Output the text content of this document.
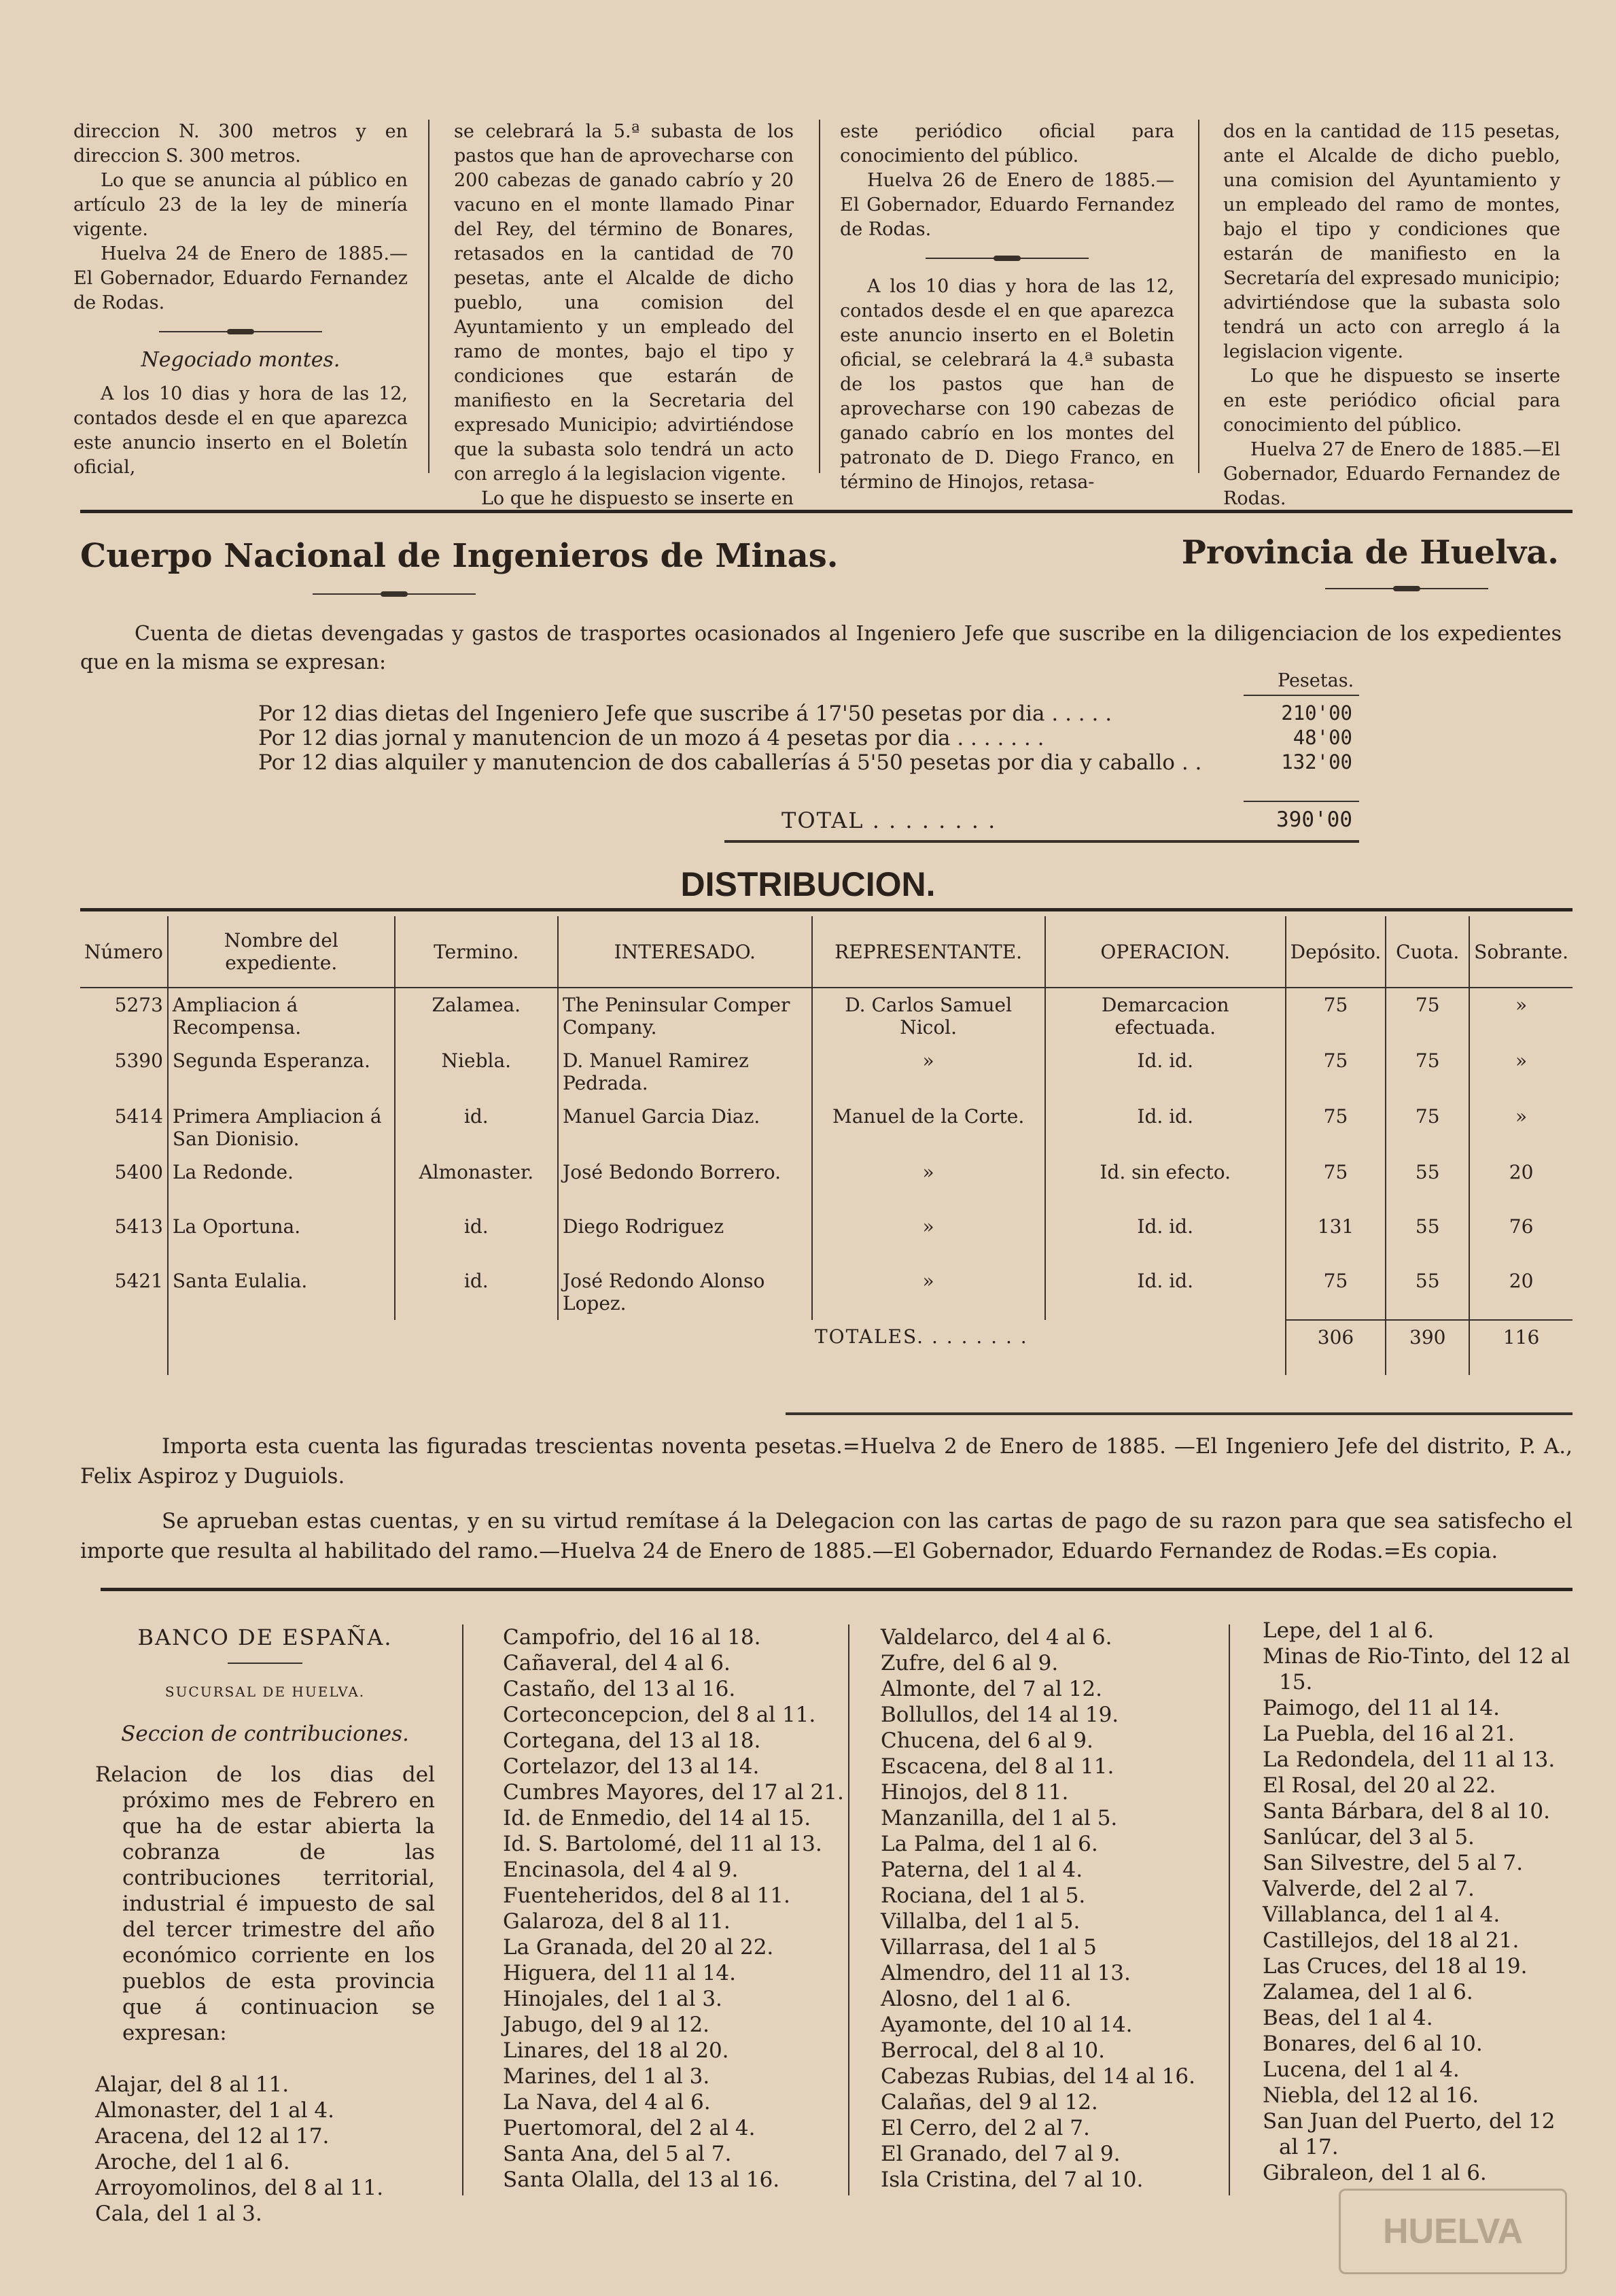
direccion N. 300 metros y en direccion S. 300 metros.

Lo que se anuncia al público en artículo 23 de la ley de minería vigente.

Huelva 24 de Enero de 1885.—El Gobernador, Eduardo Fernandez de Rodas.

Negociado montes.

A los 10 dias y hora de las 12, contados desde el en que aparezca este anuncio inserto en el Boletín oficial,

se celebrará la 5.ª subasta de los pastos que han de aprovecharse con 200 cabezas de ganado cabrío y 20 vacuno en el monte llamado Pinar del Rey, del término de Bonares, retasados en la cantidad de 70 pesetas, ante el Alcalde de dicho pueblo, una comision del Ayuntamiento y un empleado del ramo de montes, bajo el tipo y condiciones que estarán de manifiesto en la Secretaria del expresado Municipio; advirtiéndose que la subasta solo tendrá un acto con arreglo á la legislacion vigente.

Lo que he dispuesto se inserte en

este periódico oficial para conocimiento del público.

Huelva 26 de Enero de 1885.—El Gobernador, Eduardo Fernandez de Rodas.

A los 10 dias y hora de las 12, contados desde el en que aparezca este anuncio inserto en el Boletin oficial, se celebrará la 4.ª subasta de los pastos que han de aprovecharse con 190 cabezas de ganado cabrío en los montes del patronato de D. Diego Franco, en término de Hinojos, retasa-

dos en la cantidad de 115 pesetas, ante el Alcalde de dicho pueblo, una comision del Ayuntamiento y un empleado del ramo de montes, bajo el tipo y condiciones que estarán de manifiesto en la Secretaría del expresado municipio; advirtiéndose que la subasta solo tendrá un acto con arreglo á la legislacion vigente.

Lo que he dispuesto se inserte en este periódico oficial para conocimiento del público.

Huelva 27 de Enero de 1885.—El Gobernador, Eduardo Fernandez de Rodas.

Cuerpo Nacional de Ingenieros de Minas.	Provincia de Huelva.
Cuenta de dietas devengadas y gastos de trasportes ocasionados al Ingeniero Jefe que suscribe en la diligenciacion de los expedientes que en la misma se expresan:
Pesetas.
Por 12 dias dietas del Ingeniero Jefe que suscribe á 17'50 pesetas por dia . . . . .	210'00
Por 12 dias jornal y manutencion de un mozo á 4 pesetas por dia . . . . . . .	48'00
Por 12 dias alquiler y manutencion de dos caballerías á 5'50 pesetas por dia y caballo . .	132'00
TOTAL . . . . . . . .	390'00
DISTRIBUCION.
Número	Nombre del expediente.	Termino.	INTERESADO.	REPRESENTANTE.	OPERACION.	Depósito.	Cuota.	Sobrante.
5273	Ampliacion á Recompensa.	Zalamea.	The Peninsular Comper Company.	D. Carlos Samuel Nicol.	Demarcacion efectuada.	75	75	»
5390	Segunda Esperanza.	Niebla.	D. Manuel Ramirez Pedrada.	»	Id. id.	75	75	»
5414	Primera Ampliacion á San Dionisio.	id.	Manuel Garcia Diaz.	Manuel de la Corte.	Id. id.	75	75	»
5400	La Redonde.	Almonaster.	José Bedondo Borrero.	»	Id. sin efecto.	75	55	20
5413	La Oportuna.	id.	Diego Rodriguez	»	Id. id.	131	55	76
5421	Santa Eulalia.	id.	José Redondo Alonso Lopez.	»	Id. id.	75	55	20
			TOTALES. . . . . . . .			306	390	116
Importa esta cuenta las figuradas trescientas noventa pesetas.=Huelva 2 de Enero de 1885. —El Ingeniero Jefe del distrito, P. A., Felix Aspiroz y Duguiols.
Se aprueban estas cuentas, y en su virtud remítase á la Delegacion con las cartas de pago de su razon para que sea satisfecho el importe que resulta al habilitado del ramo.—Huelva 24 de Enero de 1885.—El Gobernador, Eduardo Fernandez de Rodas.=Es copia.

BANCO DE ESPAÑA.

SUCURSAL DE HUELVA.

Seccion de contribuciones.

Relacion de los dias del próximo mes de Febrero en que ha de estar abierta la cobranza de las contribuciones territorial, industrial é impuesto de sal del tercer trimestre del año económico corriente en los pueblos de esta provincia que á continuacion se expresan:

Alajar, del 8 al 11.
Almonaster, del 1 al 4.
Aracena, del 12 al 17.
Aroche, del 1 al 6.
Arroyomolinos, del 8 al 11.
Cala, del 1 al 3.
Campofrio, del 16 al 18.
Cañaveral, del 4 al 6.
Castaño, del 13 al 16.
Corteconcepcion, del 8 al 11.
Cortegana, del 13 al 18.
Cortelazor, del 13 al 14.
Cumbres Mayores, del 17 al 21.
Id. de Enmedio, del 14 al 15.
Id. S. Bartolomé, del 11 al 13.
Encinasola, del 4 al 9.
Fuenteheridos, del 8 al 11.
Galaroza, del 8 al 11.
La Granada, del 20 al 22.
Higuera, del 11 al 14.
Hinojales, del 1 al 3.
Jabugo, del 9 al 12.
Linares, del 18 al 20.
Marines, del 1 al 3.
La Nava, del 4 al 6.
Puertomoral, del 2 al 4.
Santa Ana, del 5 al 7.
Santa Olalla, del 13 al 16.
Valdelarco, del 4 al 6.
Zufre, del 6 al 9.
Almonte, del 7 al 12.
Bollullos, del 14 al 19.
Chucena, del 6 al 9.
Escacena, del 8 al 11.
Hinojos, del 8 11.
Manzanilla, del 1 al 5.
La Palma, del 1 al 6.
Paterna, del 1 al 4.
Rociana, del 1 al 5.
Villalba, del 1 al 5.
Villarrasa, del 1 al 5
Almendro, del 11 al 13.
Alosno, del 1 al 6.
Ayamonte, del 10 al 14.
Berrocal, del 8 al 10.
Cabezas Rubias, del 14 al 16.
Calañas, del 9 al 12.
El Cerro, del 2 al 7.
El Granado, del 7 al 9.
Isla Cristina, del 7 al 10.
Lepe, del 1 al 6.
Minas de Rio-Tinto, del 12 al 15.
Paimogo, del 11 al 14.
La Puebla, del 16 al 21.
La Redondela, del 11 al 13.
El Rosal, del 20 al 22.
Santa Bárbara, del 8 al 10.
Sanlúcar, del 3 al 5.
San Silvestre, del 5 al 7.
Valverde, del 2 al 7.
Villablanca, del 1 al 4.
Castillejos, del 18 al 21.
Las Cruces, del 18 al 19.
Zalamea, del 1 al 6.
Beas, del 1 al 4.
Bonares, del 6 al 10.
Lucena, del 1 al 4.
Niebla, del 12 al 16.
San Juan del Puerto, del 12 al 17.
Gibraleon, del 1 al 6.
HUELVA
